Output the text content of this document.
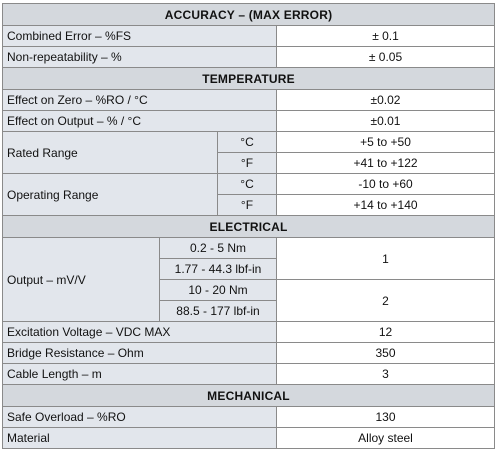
ACCURACY – (MAX ERROR)			
Combined Error – %FS			± 0.1
Non-repeatability – %			± 0.05
TEMPERATURE			
Effect on Zero – %RO / °C			±0.02
Effect on Output – % / °C			±0.01
Rated Range		°C	+5 to +50
		°F	+41 to +122
Operating Range		°C	-10 to +60
		°F	+14 to +140
ELECTRICAL			
Output – mV/V	0.2 - 5 Nm		1
	1.77 - 44.3 lbf-in		
	10 - 20 Nm		2
	88.5 - 177 lbf-in		
Excitation Voltage – VDC MAX			12
Bridge Resistance – Ohm			350
Cable Length – m			3
MECHANICAL			
Safe Overload – %RO			130
Material			Alloy steel
